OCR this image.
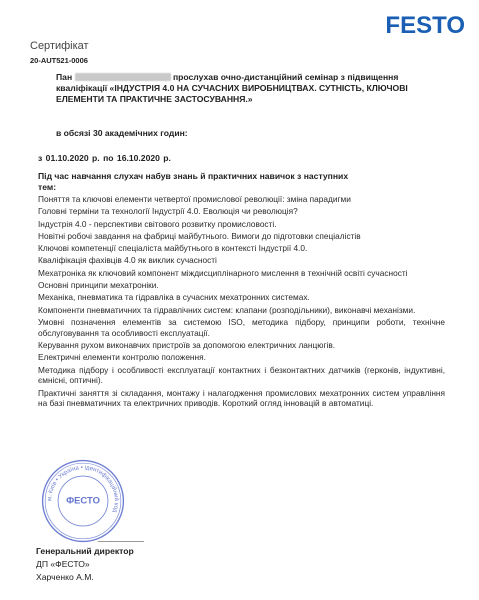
FESTO
Сертифікат
20-AUT521-0006
Пан	прослухав очно-дистанційний семінар з підвищення кваліфікації «ІНДУСТРІЯ 4.0 НА СУЧАСНИХ ВИРОБНИЦТВАХ. СУТНІСТЬ, КЛЮЧОВІ ЕЛЕМЕНТИ ТА ПРАКТИЧНЕ ЗАСТОСУВАННЯ.»
в обсязі 30 академічних годин:
з 01.10.2020 р. по 16.10.2020 р.
Під час навчання слухач набув знань й практичних навичок з наступних тем:
Поняття та ключові елементи четвертої промислової революції: зміна парадигми
Головні терміни та технології Індустрії 4.0. Еволюція чи революція?
Індустрія 4.0 - перспективи світового розвитку промисловості.
Новітні робочі завдання на фабриці майбутнього. Вимоги до підготовки спеціалістів
Ключові компетенції спеціаліста майбутнього в контексті Індустрії 4.0.
Кваліфікація фахівців 4.0 як виклик сучасності
Мехатроніка як ключовий компонент міждисциплінарного мислення в технічній освіті сучасності
Основні принципи мехатроніки.
Механіка, пневматика та гідравліка в сучасних мехатронних системах.
Компоненти пневматичних та гідравлічних систем: клапани (розподільники), виконавчі механізми.
Умовні позначення елементів за системою ISO, методика підбору, принципи роботи, технічне обслуговування та особливості експлуатації.
Керування рухом виконавчих пристроїв за допомогою електричних ланцюгів.
Електричні елементи контролю положення.
Методика підбору і особливості експлуатації контактних і безконтактних датчиків (герконів, індуктивні, ємнісні, оптичні).
Практичні заняття зі складання, монтажу і налагодження промислових мехатронних систем управління на базі пневматичних та електричних приводів. Короткий огляд інновацій в автоматиці.
м. Київ • Україна • ідентифікаційний код
ФЕСТО
Генеральний директор
ДП «ФЕСТО»
Харченко А.М.
